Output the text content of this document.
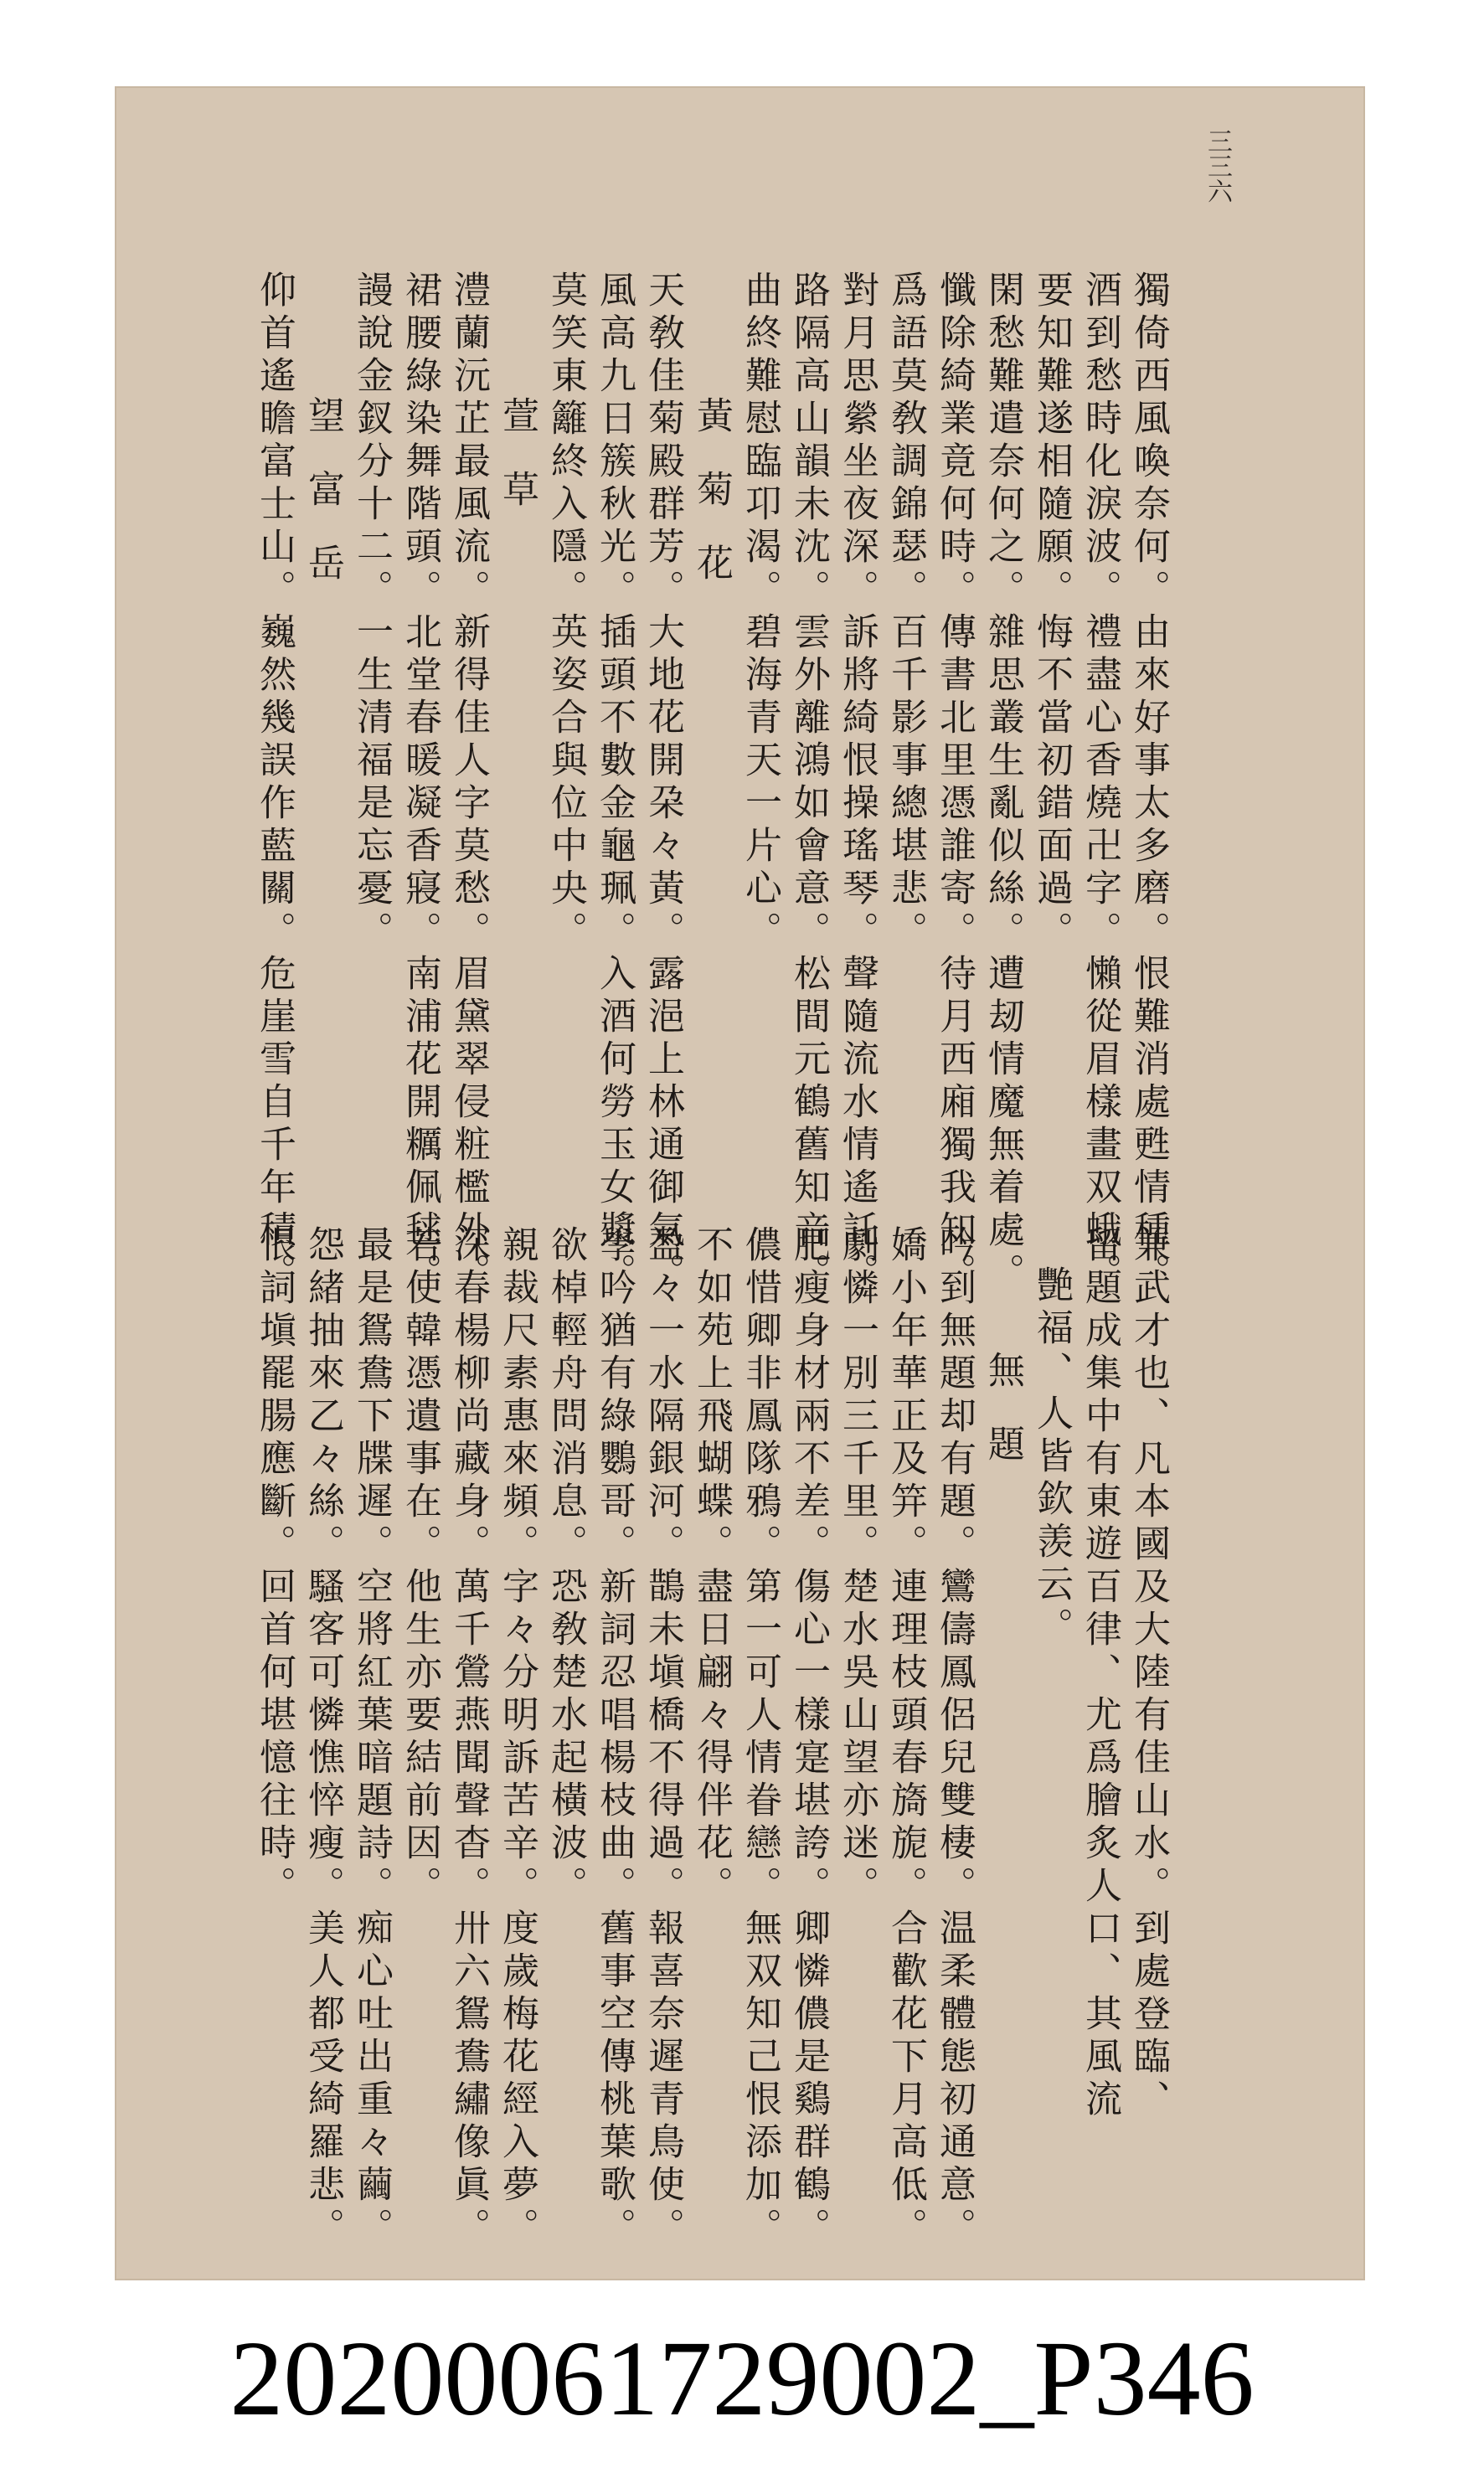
三三六
獨倚西風喚奈何。由來好事太多磨。恨難消處甦情種。
酒到愁時化淚波。禮盡心香燒卍字。懶從眉樣畫双蛾。
要知難遂相隨願。悔不當初錯面過。
閑愁難遣奈何之。雜思叢生亂似絲。遭刼情魔無着處。
懺除綺業竟何時。傳書北里憑誰寄。待月西廂獨我知。
爲語莫敎調錦瑟。百千影事總堪悲。
對月思縈坐夜深。訴將綺恨操瑤琴。聲隨流水情遙託。
路隔高山韻未沈。雲外離鴻如會意。松間元鶴舊知音。
曲終難慰臨卭渴。碧海青天一片心。
黃菊花
天敎佳菊殿群芳。大地花開朶々黃。露浥上林通御氣。
風高九日簇秋光。插頭不數金龜珮。入酒何勞玉女漿。
莫笑東籬終入隱。英姿合與位中央。
萱草
澧蘭沅芷最風流。新得佳人字莫愁。眉黛翠侵粧檻外。
裙腰綠染舞階頭。北堂春暖凝香寢。南浦花開糲佩毬。
謾說金釵分十二。一生清福是忘憂。
望富岳
仰首遙瞻富士山。巍然幾誤作藍關。危崖雪自千年積。
兼武才也、凡本國及大陸有佳山水。到處登臨、
留題成集中有東遊百律、尤爲膾炙人口、其風流
艷福、人皆欽羡云。
無題
吟到無題却有題。鸞儔鳳侶兒雙棲。温柔體態初通意。
嬌小年華正及笄。連理枝頭春旖旎。合歡花下月高低。
劇憐一別三千里。楚水吳山望亦迷。
肥瘦身材兩不差。傷心一樣寔堪誇。卿憐儂是鷄群鶴。
儂惜卿非鳳隊鴉。第一可人情眷戀。無双知己恨添加。
不如苑上飛蝴蝶。盡日翩々得伴花。
盈々一水隔銀河。鵲未塡橋不得過。報喜奈遲青鳥使。
學吟猶有綠鸚哥。新詞忍唱楊枝曲。舊事空傳桃葉歌。
欲棹輕舟問消息。恐敎楚水起橫波。
親裁尺素惠來頻。字々分明訴苦辛。度歲梅花經入夢。
深春楊柳尚藏身。萬千鶯燕聞聲杳。卅六鴛鴦繡像眞。
若使韓憑遺事在。他生亦要結前因。
最是鴛鴦下牒遲。空將紅葉暗題詩。痴心吐出重々繭。
怨緒抽來乙々絲。騷客可憐憔悴瘦。美人都受綺羅悲。
恨詞塡罷腸應斷。回首何堪憶往時。
20200061729002_P346
